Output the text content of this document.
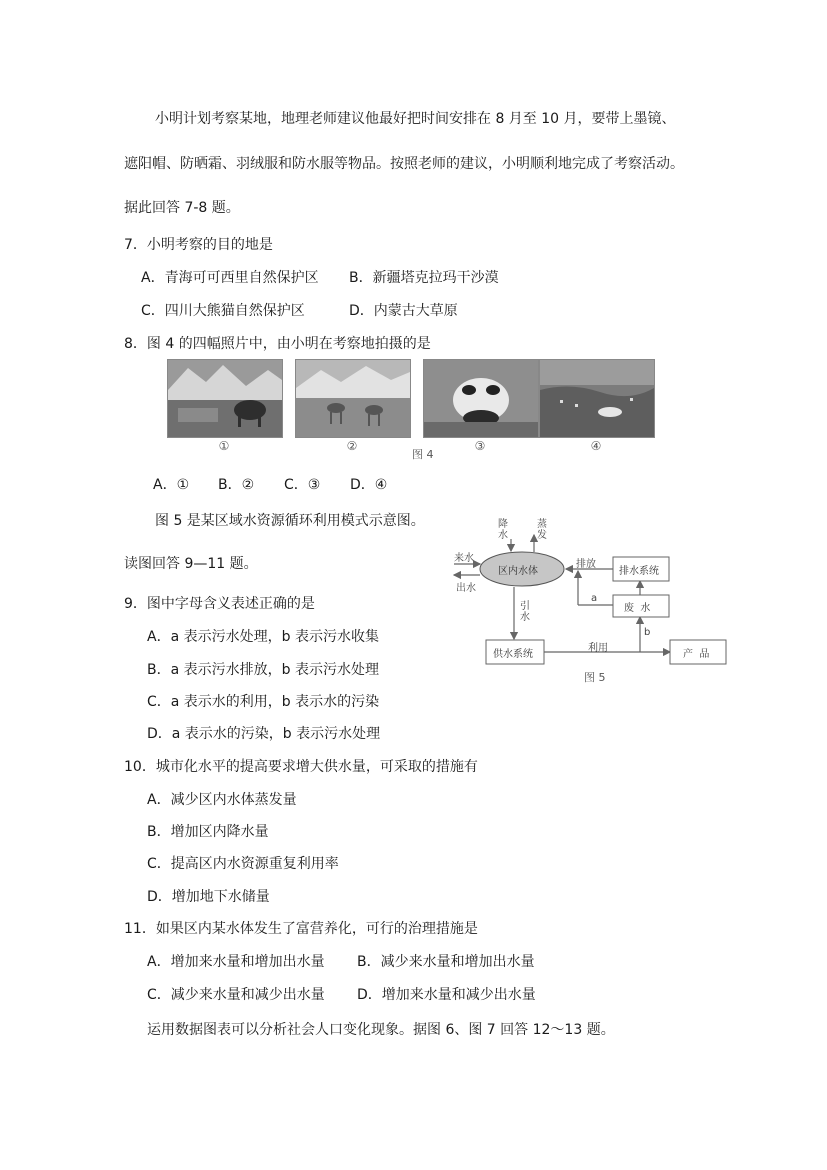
小明计划考察某地，地理老师建议他最好把时间安排在 8 月至 10 月，要带上墨镜、
遮阳帽、防晒霜、羽绒服和防水服等物品。按照老师的建议，小明顺利地完成了考察活动。
据此回答 7-8 题。
7．小明考察的目的地是
A．青海可可西里自然保护区 B．新疆塔克拉玛干沙漠
C．四川大熊猫自然保护区	D．内蒙古大草原
8．图 4 的四幅照片中，由小明在考察地拍摄的是
①	②	③	④
图 4
A．① B．② C．③ D．④
图 5 是某区域水资源循环利用模式示意图。
读图回答 9—11 题。
降
水
蒸
发
来水
出水
区内水体
排放
排水系统
废  水
a
b
引
水
供水系统
利用
产  品
图 5
9．图中字母含义表述正确的是
A．a 表示污水处理，b 表示污水收集
B．a 表示污水排放，b 表示污水处理
C．a 表示水的利用，b 表示水的污染
D．a 表示水的污染，b 表示污水处理
10．城市化水平的提高要求增大供水量，可采取的措施有
A．减少区内水体蒸发量
B．增加区内降水量
C．提高区内水资源重复利用率
D．增加地下水储量
11．如果区内某水体发生了富营养化，可行的治理措施是
A．增加来水量和增加出水量 B．减少来水量和增加出水量
C．减少来水量和减少出水量 D．增加来水量和减少出水量
运用数据图表可以分析社会人口变化现象。据图 6、图 7 回答 12～13 题。
